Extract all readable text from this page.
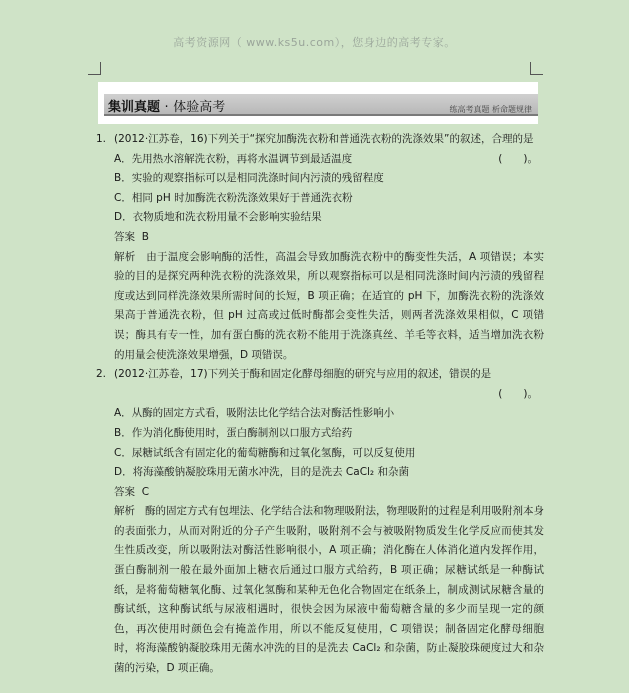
高考资源网（ www.ks5u.com），您身边的高考专家。
集训真题 · 体验高考	练高考真题 析命题规律
1. (2012·江苏卷，16)下列关于“探究加酶洗衣粉和普通洗衣粉的洗涤效果”的叙述，合理的是
(　　)。
A．先用热水溶解洗衣粉，再将水温调节到最适温度
B．实验的观察指标可以是相同洗涤时间内污渍的残留程度
C．相同 pH 时加酶洗衣粉洗涤效果好于普通洗衣粉
D．衣物质地和洗衣粉用量不会影响实验结果
答案 B
解析 由于温度会影响酶的活性，高温会导致加酶洗衣粉中的酶变性失活，A 项错误；本实验的目的是探究两种洗衣粉的洗涤效果，所以观察指标可以是相同洗涤时间内污渍的残留程度或达到同样洗涤效果所需时间的长短，B 项正确；在适宜的 pH 下，加酶洗衣粉的洗涤效果高于普通洗衣粉，但 pH 过高或过低时酶都会变性失活，则两者洗涤效果相似，C 项错误；酶具有专一性，加有蛋白酶的洗衣粉不能用于洗涤真丝、羊毛等衣料，适当增加洗衣粉的用量会使洗涤效果增强，D 项错误。
2. (2012·江苏卷，17)下列关于酶和固定化酵母细胞的研究与应用的叙述，错误的是
(　　)。
A．从酶的固定方式看，吸附法比化学结合法对酶活性影响小
B．作为消化酶使用时，蛋白酶制剂以口服方式给药
C．尿糖试纸含有固定化的葡萄糖酶和过氧化氢酶，可以反复使用
D．将海藻酸钠凝胶珠用无菌水冲洗，目的是洗去 CaCl₂ 和杂菌
答案 C
解析 酶的固定方式有包埋法、化学结合法和物理吸附法，物理吸附的过程是利用吸附剂本身的表面张力，从而对附近的分子产生吸附，吸附剂不会与被吸附物质发生化学反应而使其发生性质改变，所以吸附法对酶活性影响很小，A 项正确；消化酶在人体消化道内发挥作用，蛋白酶制剂一般在最外面加上糖衣后通过口服方式给药，B 项正确；尿糖试纸是一种酶试纸，是将葡萄糖氧化酶、过氧化氢酶和某种无色化合物固定在纸条上，制成测试尿糖含量的酶试纸，这种酶试纸与尿液相遇时，很快会因为尿液中葡萄糖含量的多少而呈现一定的颜色，再次使用时颜色会有掩盖作用，所以不能反复使用，C 项错误；制备固定化酵母细胞时，将海藻酸钠凝胶珠用无菌水冲洗的目的是洗去 CaCl₂ 和杂菌，防止凝胶珠硬度过大和杂菌的污染，D 项正确。
